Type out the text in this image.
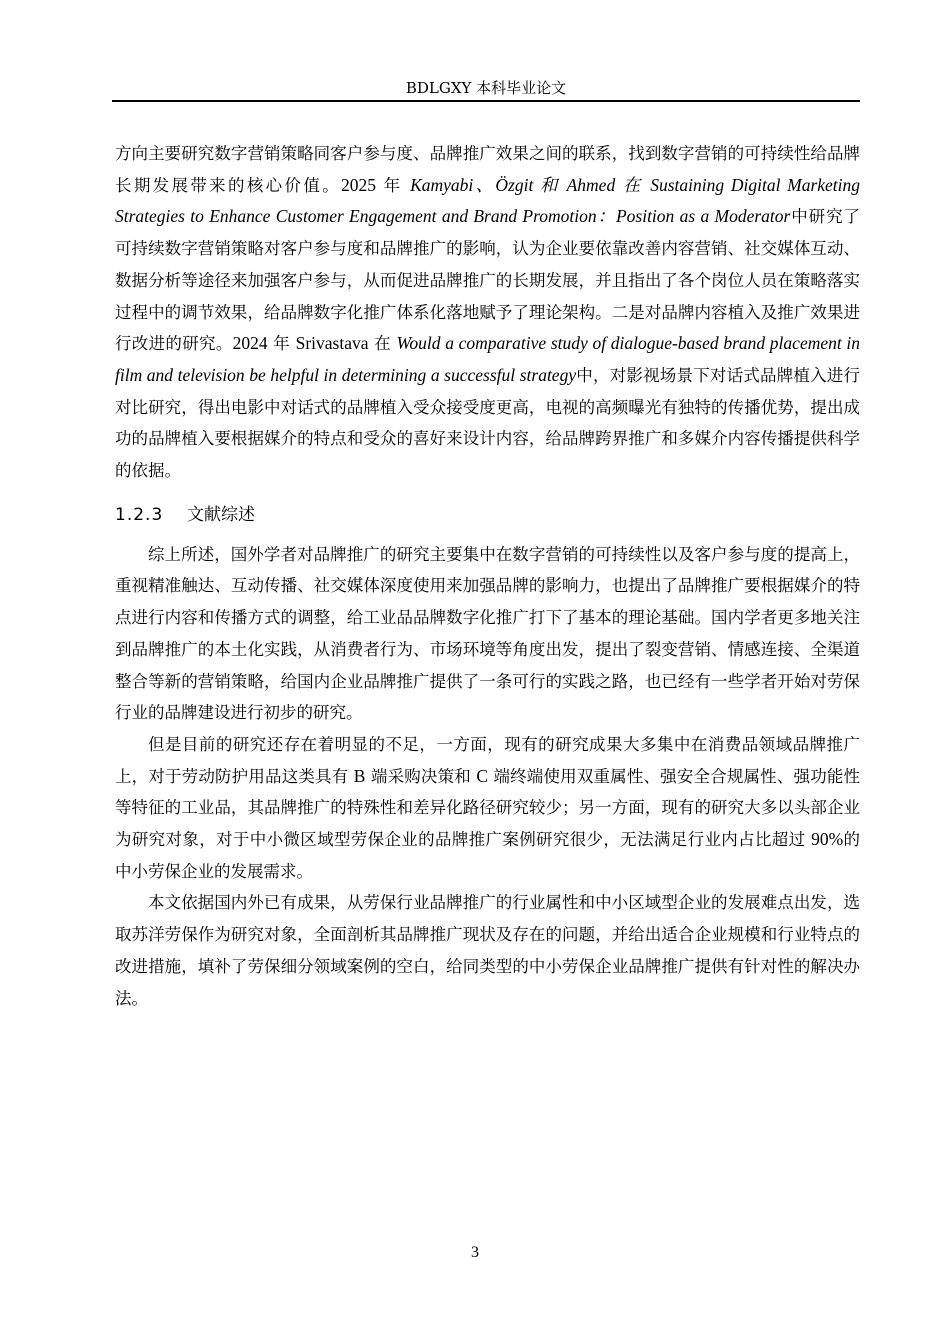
BDLGXY 本科毕业论文

方向主要研究数字营销策略同客户参与度、品牌推广效果之间的联系，找到数字营销的可持续性给品牌长期发展带来的核心价值。2025 年 Kamyabi、Özgit 和 Ahmed 在 Sustaining Digital Marketing Strategies to Enhance Customer Engagement and Brand Promotion：Position as a Moderator中研究了可持续数字营销策略对客户参与度和品牌推广的影响，认为企业要依靠改善内容营销、社交媒体互动、数据分析等途径来加强客户参与，从而促进品牌推广的长期发展，并且指出了各个岗位人员在策略落实过程中的调节效果，给品牌数字化推广体系化落地赋予了理论架构。二是对品牌内容植入及推广效果进行改进的研究。2024 年 Srivastava 在 Would a comparative study of dialogue-based brand placement in film and television be helpful in determining a successful strategy中，对影视场景下对话式品牌植入进行对比研究，得出电影中对话式的品牌植入受众接受度更高，电视的高频曝光有独特的传播优势，提出成功的品牌植入要根据媒介的特点和受众的喜好来设计内容，给品牌跨界推广和多媒介内容传播提供科学的依据。

1.2.3 文献综述

综上所述，国外学者对品牌推广的研究主要集中在数字营销的可持续性以及客户参与度的提高上，重视精准触达、互动传播、社交媒体深度使用来加强品牌的影响力，也提出了品牌推广要根据媒介的特点进行内容和传播方式的调整，给工业品品牌数字化推广打下了基本的理论基础。国内学者更多地关注到品牌推广的本土化实践，从消费者行为、市场环境等角度出发，提出了裂变营销、情感连接、全渠道整合等新的营销策略，给国内企业品牌推广提供了一条可行的实践之路，也已经有一些学者开始对劳保行业的品牌建设进行初步的研究。

但是目前的研究还存在着明显的不足，一方面，现有的研究成果大多集中在消费品领域品牌推广上，对于劳动防护用品这类具有 B 端采购决策和 C 端终端使用双重属性、强安全合规属性、强功能性等特征的工业品，其品牌推广的特殊性和差异化路径研究较少；另一方面，现有的研究大多以头部企业为研究对象，对于中小微区域型劳保企业的品牌推广案例研究很少，无法满足行业内占比超过 90%的中小劳保企业的发展需求。

本文依据国内外已有成果，从劳保行业品牌推广的行业属性和中小区域型企业的发展难点出发，选取苏洋劳保作为研究对象，全面剖析其品牌推广现状及存在的问题，并给出适合企业规模和行业特点的改进措施，填补了劳保细分领域案例的空白，给同类型的中小劳保企业品牌推广提供有针对性的解决办法。

3
